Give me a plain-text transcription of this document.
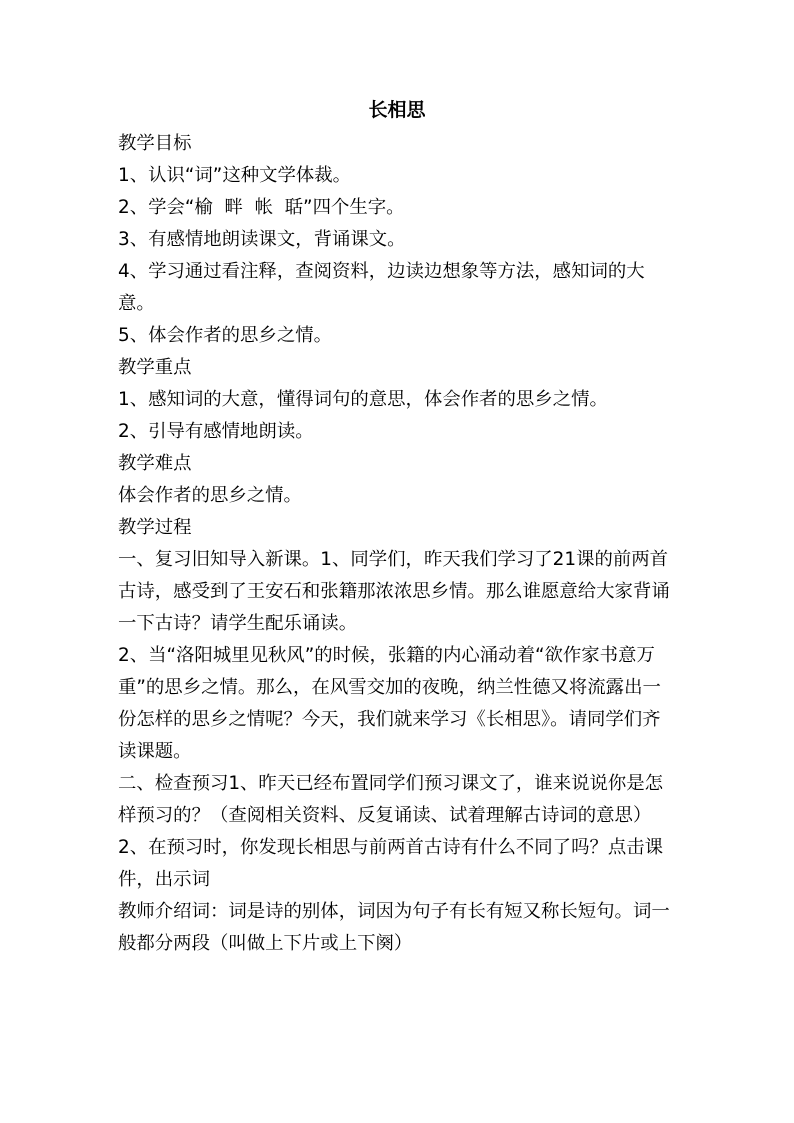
长相思

教学目标

1、认识“词”这种文学体裁。

2、学会“榆  畔  帐  聒”四个生字。

3、有感情地朗读课文，背诵课文。

4、学习通过看注释，查阅资料，边读边想象等方法，感知词的大意。

5、体会作者的思乡之情。

教学重点

1、感知词的大意，懂得词句的意思，体会作者的思乡之情。

2、引导有感情地朗读。

教学难点

体会作者的思乡之情。

教学过程

一、复习旧知导入新课。1、同学们，昨天我们学习了21课的前两首古诗，感受到了王安石和张籍那浓浓思乡情。那么谁愿意给大家背诵一下古诗？请学生配乐诵读。

2、当“洛阳城里见秋风”的时候，张籍的内心涌动着“欲作家书意万重”的思乡之情。那么，在风雪交加的夜晚，纳兰性德又将流露出一份怎样的思乡之情呢？今天，我们就来学习《长相思》。请同学们齐读课题。

二、检查预习1、昨天已经布置同学们预习课文了，谁来说说你是怎样预习的？（查阅相关资料、反复诵读、试着理解古诗词的意思）

2、在预习时，你发现长相思与前两首古诗有什么不同了吗？点击课件，出示词

教师介绍词：词是诗的别体，词因为句子有长有短又称长短句。词一般都分两段（叫做上下片或上下阕）
